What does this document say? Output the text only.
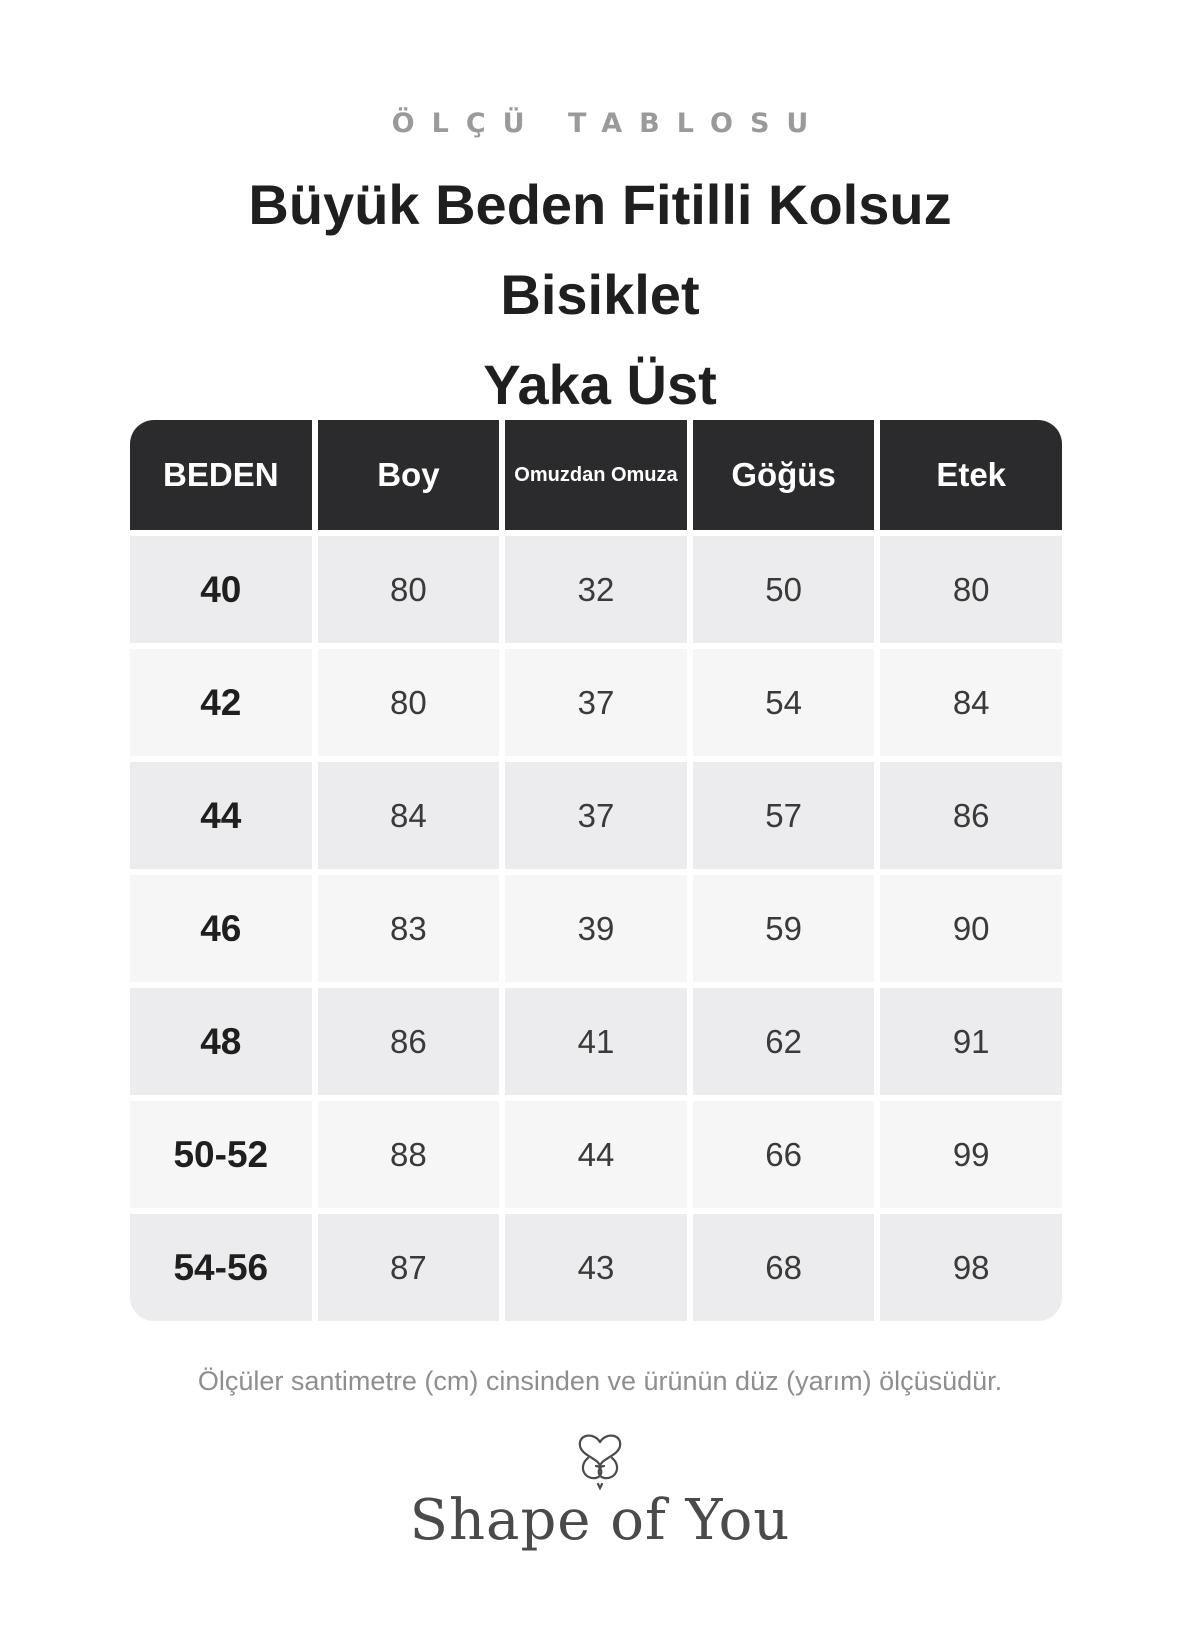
ÖLÇÜ TABLOSU
Büyük Beden Fitilli Kolsuz Bisiklet
Yaka Üst
BEDEN	Boy	Omuzdan Omuza	Göğüs	Etek
40	80	32	50	80
42	80	37	54	84
44	84	37	57	86
46	83	39	59	90
48	86	41	62	91
50-52	88	44	66	99
54-56	87	43	68	98
Ölçüler santimetre (cm) cinsinden ve ürünün düz (yarım) ölçüsüdür.
Shape of You
